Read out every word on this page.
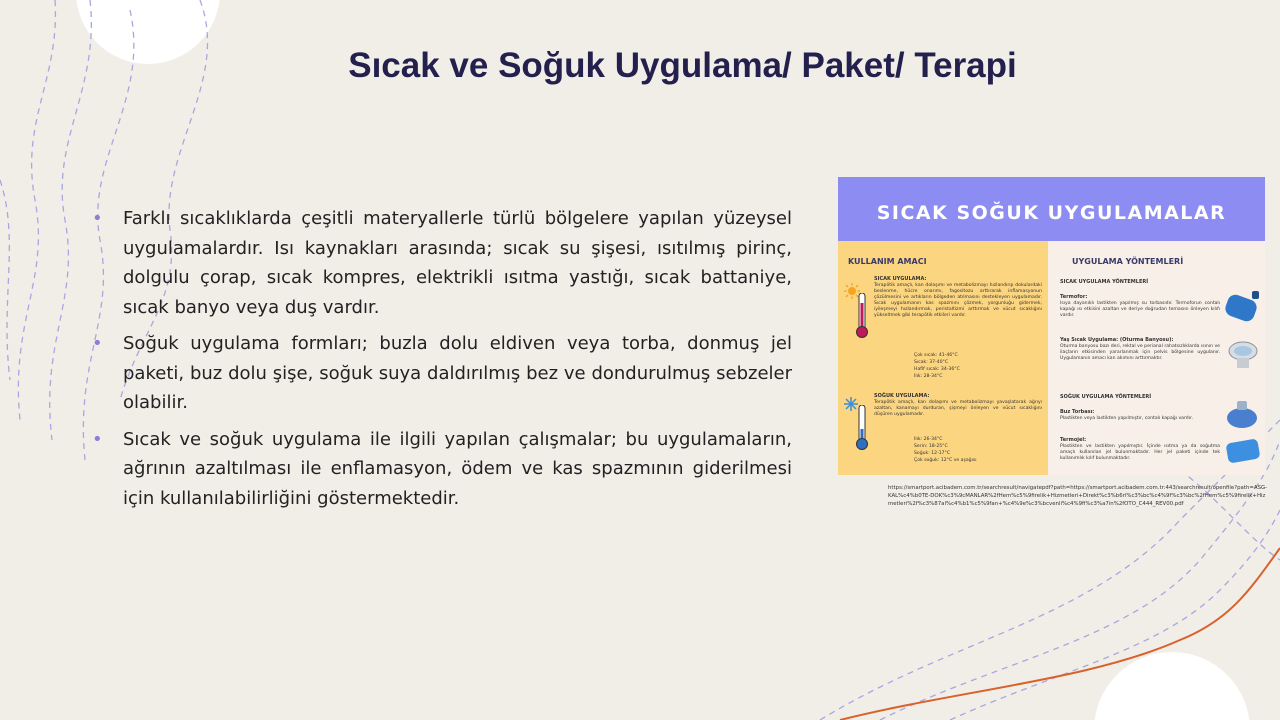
Sıcak ve Soğuk Uygulama/ Paket/ Terapi
• Farklı sıcaklıklarda çeşitli materyallerle türlü bölgelere yapılan yüzeysel uygulamalardır. Isı kaynakları arasında; sıcak su şişesi, ısıtılmış pirinç, dolgulu çorap, sıcak kompres, elektrikli ısıtma yastığı, sıcak battaniye, sıcak banyo veya duş vardır.
• Soğuk uygulama formları; buzla dolu eldiven veya torba, donmuş jel paketi, buz dolu şişe, soğuk suya daldırılmış bez ve dondurulmuş sebzeler olabilir.
• Sıcak ve soğuk uygulama ile ilgili yapılan çalışmalar; bu uygulamaların, ağrının azaltılması ile enflamasyon, ödem ve kas spazmının giderilmesi için kullanılabilirliğini göstermektedir.
SICAK SOĞUK UYGULAMALAR
KULLANIM AMACI
SICAK UYGULAMA:
Terapötik amaçlı, kan dolaşımı ve metabolizmayı hızlandırıp dokulardaki beslenme, hücre onarımı, fagositozu arttırarak inflamasyonun çözülmesini ve artıkların bölgeden atılmasını destekleyen uygulamadır. Sıcak uygulamanın kas spazmını çözmek, yorgunluğu gidermek, iyileşmeyi hızlandırmak, peristaltizmi arttırmak ve vücut sıcaklığını yükseltmek gibi terapötik etkileri vardır.
Çok sıcak: 41-46°C
Sıcak: 37-40°C
Hafif sıcak: 34-36°C
Ilık: 28-34°C
SOĞUK UYGULAMA:
Terapötik amaçlı, kan dolaşımı ve metabolizmayı yavaşlatarak ağrıyı azaltan, kanamayı durduran, şişmeyi önleyen ve vücut sıcaklığını düşüren uygulamadır.
Ilık: 26-34°C
Serin: 18-25°C
Soğuk: 12-17°C
Çok soğuk: 12°C ve aşağısı
UYGULAMA YÖNTEMLERİ
SICAK UYGULAMA YÖNTEMLERİ
Termofor:
Isıya dayanıklı lastikten yapılmış su torbasıdır. Termoforun contalı kapağı ısı etkisini azaltan ve deriye doğrudan temasını önleyen kılıfı vardır.
Yaş Sıcak Uygulama: (Oturma Banyosu):
Oturma banyosu bazı deri, rektal ve perianal rahatsızlıklarda ısının ve ilaçların etkisinden yararlanmak için pelvis bölgesine uygulanır. Uygulamanın amacı kan akımını arttırmaktır.
SOĞUK UYGULAMA YÖNTEMLERİ
Buz Torbası:
Plastikten veya lastikten yapılmıştır, contalı kapağı vardır.
Termojel:
Plastikten ve lastikten yapılmıştır. İçinde ısıtma ya da soğutma amaçlı kullanılan jel bulunmaktadır. Her jel paketi içinde tek kullanımlık kılıf bulunmaktadır.
https://smartport.acibadem.com.tr/searchresult/navigatepdf?path=https://smartport.acibadem.com.tr:443/searchresult/openfile?path=ASG-KAL%c4%b0TE-DOK%c3%9cMANLAR%2fHem%c5%9firelik+Hizmetleri+Direkt%c3%b6rl%c3%bc%c4%9f%c3%bc%2fHem%c5%9firelik+Hizmetleri%2f%c3%87al%c4%b1%c5%9fan+%c4%9e%c3%bcvenli%c4%9fi%c3%a7in%2fOTO_C444_REV00.pdf
